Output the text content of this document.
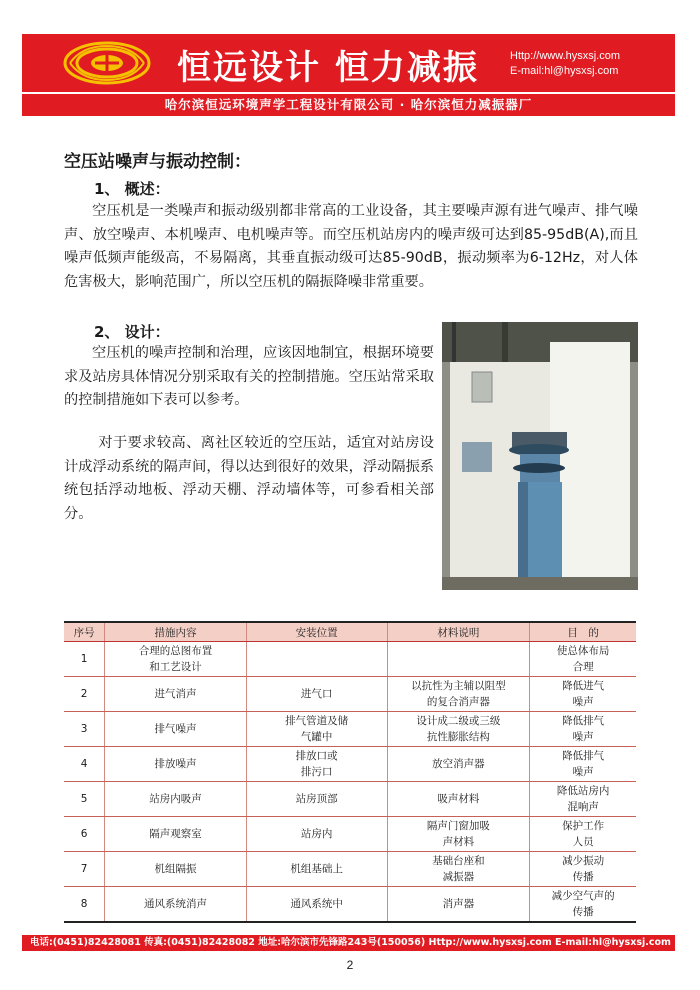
恒远设计 恒力减振	Http://www.hysxsj.com
E-mail:hl@hysxsj.com
哈尔滨恒远环境声学工程设计有限公司 · 哈尔滨恒力减振器厂
空压站噪声与振动控制：
1、 概述：
空压机是一类噪声和振动级别都非常高的工业设备，其主要噪声源有进气噪声、排气噪声、放空噪声、本机噪声、电机噪声等。而空压机站房内的噪声级可达到85-95dB(A),而且噪声低频声能级高，不易隔离，其垂直振动级可达85-90dB，振动频率为6-12Hz，对人体危害极大，影响范围广，所以空压机的隔振降噪非常重要。
2、 设计：
空压机的噪声控制和治理，应该因地制宜，根据环境要求及站房具体情况分别采取有关的控制措施。空压站常采取的控制措施如下表可以参考。
对于要求较高、离社区较近的空压站，适宜对站房设计成浮动系统的隔声间，得以达到很好的效果，浮动隔振系统包括浮动地板、浮动天棚、浮动墙体等，可参看相关部分。
序号	措施内容	安装位置	材料说明	目　的
1	合理的总图布置和工艺设计			使总体布局合理

2	进气消声	进气口	以抗性为主辅以阻型的复合消声器	降低进气噪声

3	排气噪声	排气管道及储气罐中	设计成二级或三级抗性膨胀结构	降低排气噪声

4	排放噪声	排放口或排污口	放空消声器	降低排气噪声

5	站房内吸声	站房顶部	吸声材料	降低站房内混响声

6	隔声观察室	站房内	隔声门窗加吸声材料	保护工作人员

7	机组隔振	机组基础上	基础台座和减振器	减少振动传播

8	通风系统消声	通风系统中	消声器	减少空气声的传播
电话:(0451)82428081 传真:(0451)82428082 地址:哈尔滨市先锋路243号(150056) Http://www.hysxsj.com E-mail:hl@hysxsj.com
2
